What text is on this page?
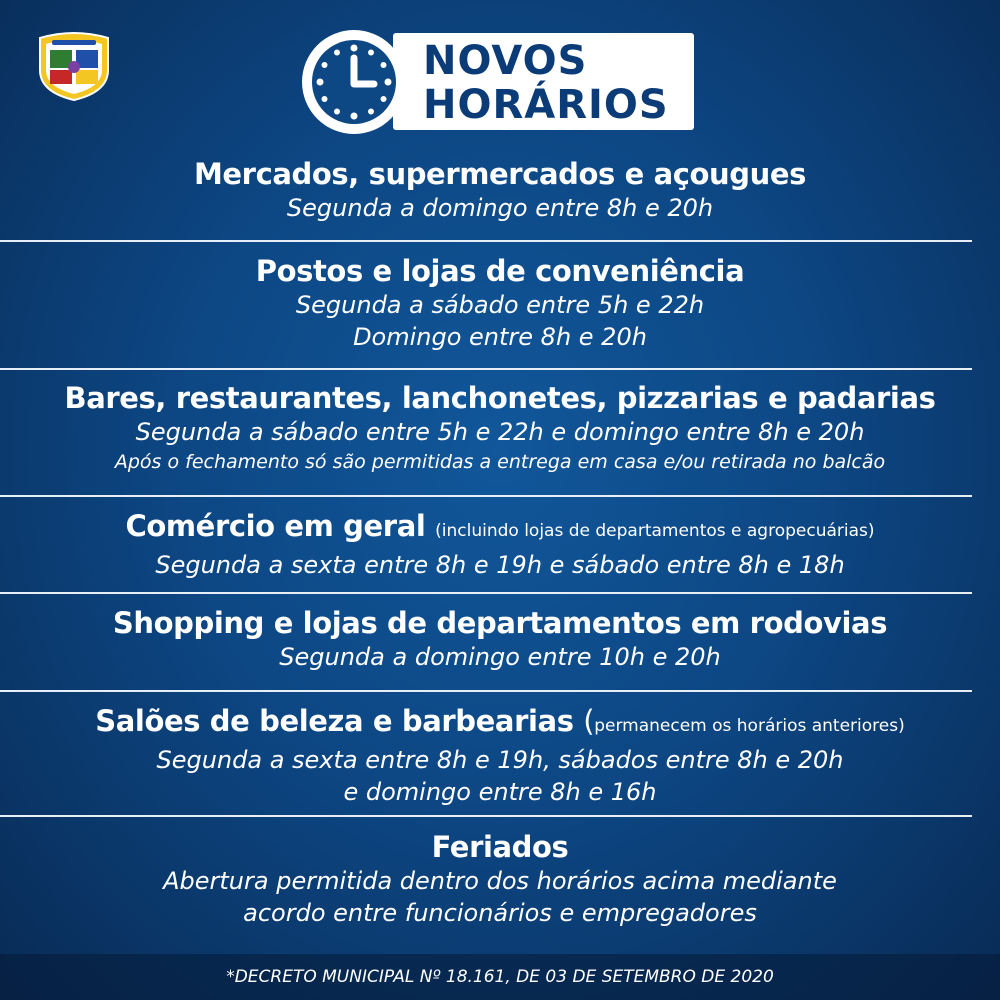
NOVOS
HORÁRIOS
Mercados, supermercados e açougues
Segunda a domingo entre 8h e 20h
Postos e lojas de conveniência
Segunda a sábado entre 5h e 22h
Domingo entre 8h e 20h
Bares, restaurantes, lanchonetes, pizzarias e padarias
Segunda a sábado entre 5h e 22h e domingo entre 8h e 20h
Após o fechamento só são permitidas a entrega em casa e/ou retirada no balcão
Comércio em geral (incluindo lojas de departamentos e agropecuárias)
Segunda a sexta entre 8h e 19h e sábado entre 8h e 18h
Shopping e lojas de departamentos em rodovias
Segunda a domingo entre 10h e 20h
Salões de beleza e barbearias (permanecem os horários anteriores)
Segunda a sexta entre 8h e 19h, sábados entre 8h e 20h
e domingo entre 8h e 16h
Feriados
Abertura permitida dentro dos horários acima mediante
acordo entre funcionários e empregadores
*DECRETO MUNICIPAL Nº 18.161, DE 03 DE SETEMBRO DE 2020
